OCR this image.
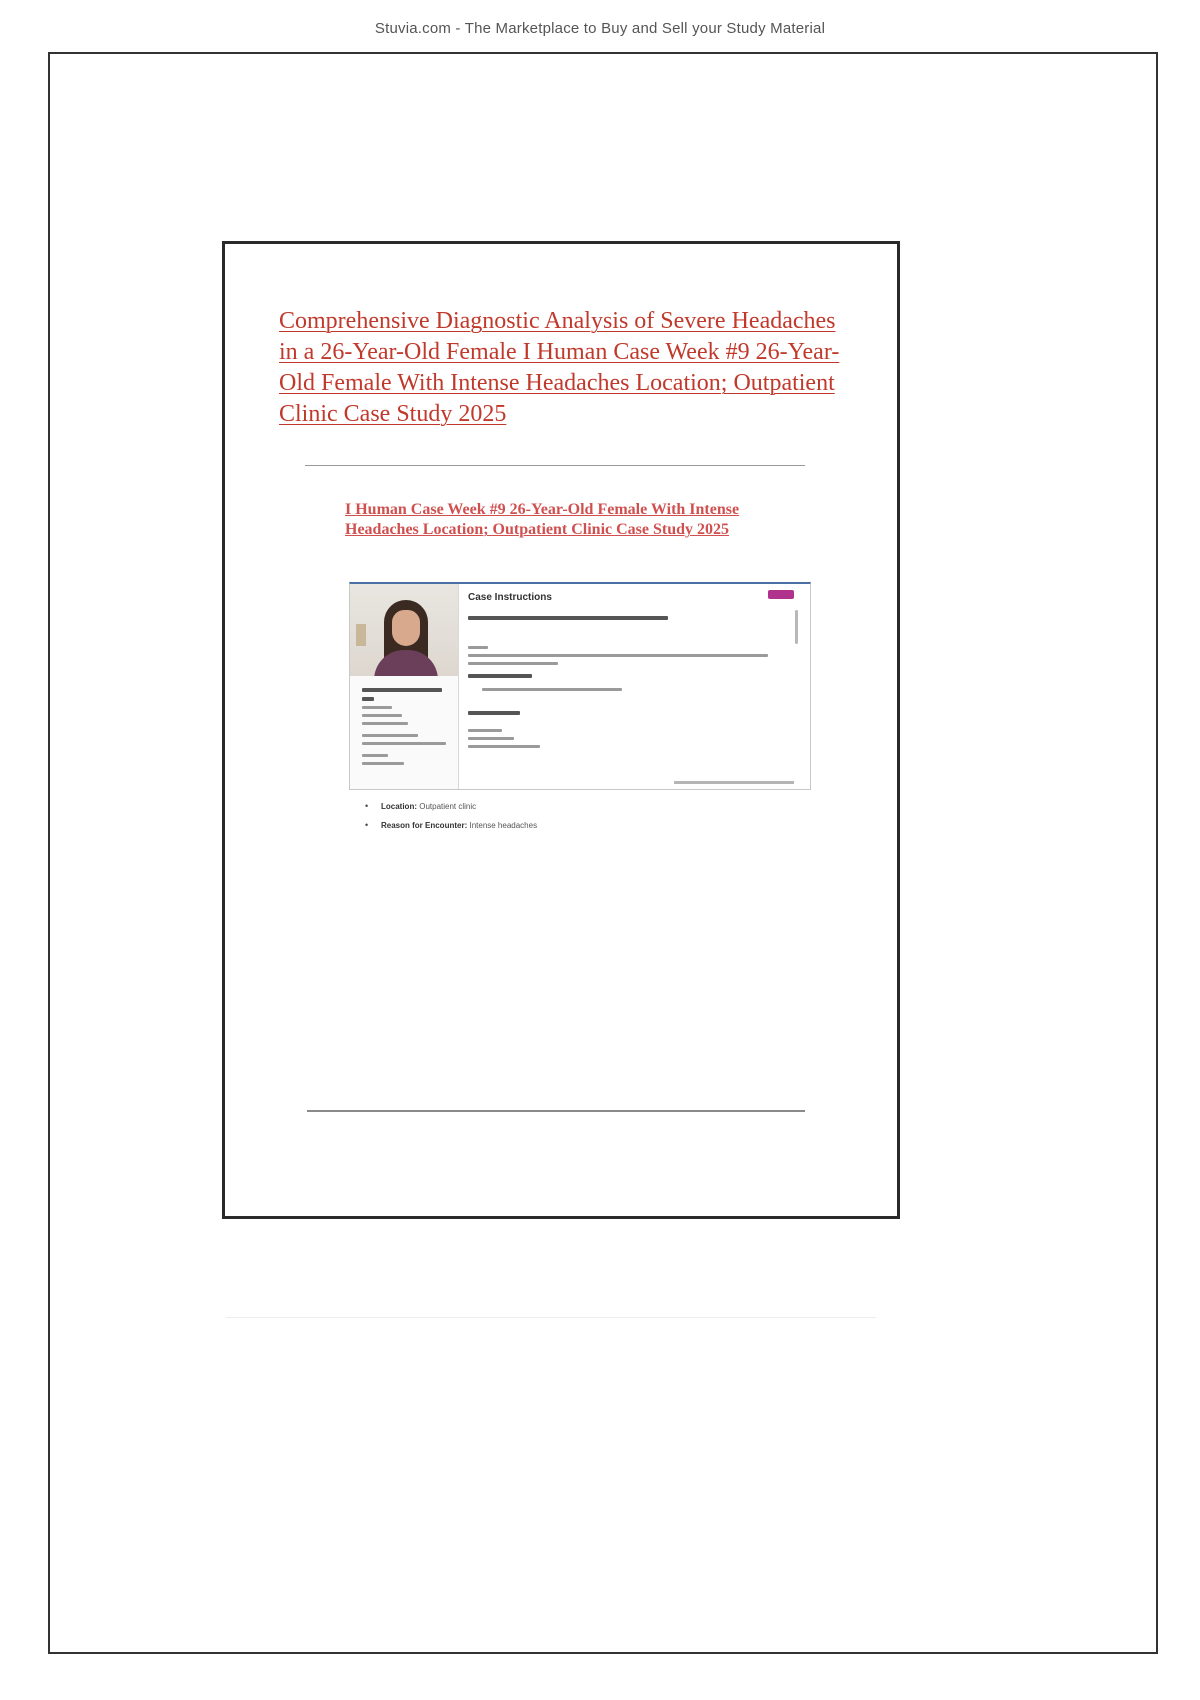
Stuvia.com - The Marketplace to Buy and Sell your Study Material
Comprehensive Diagnostic Analysis of Severe Headaches in a 26-Year-Old Female I Human Case Week #9 26-Year-Old Female With Intense Headaches Location; Outpatient Clinic Case Study 2025
I Human Case Week #9 26-Year-Old Female With Intense Headaches Location; Outpatient Clinic Case Study 2025
Case Instructions
• Location: Outpatient clinic
• Reason for Encounter: Intense headaches
